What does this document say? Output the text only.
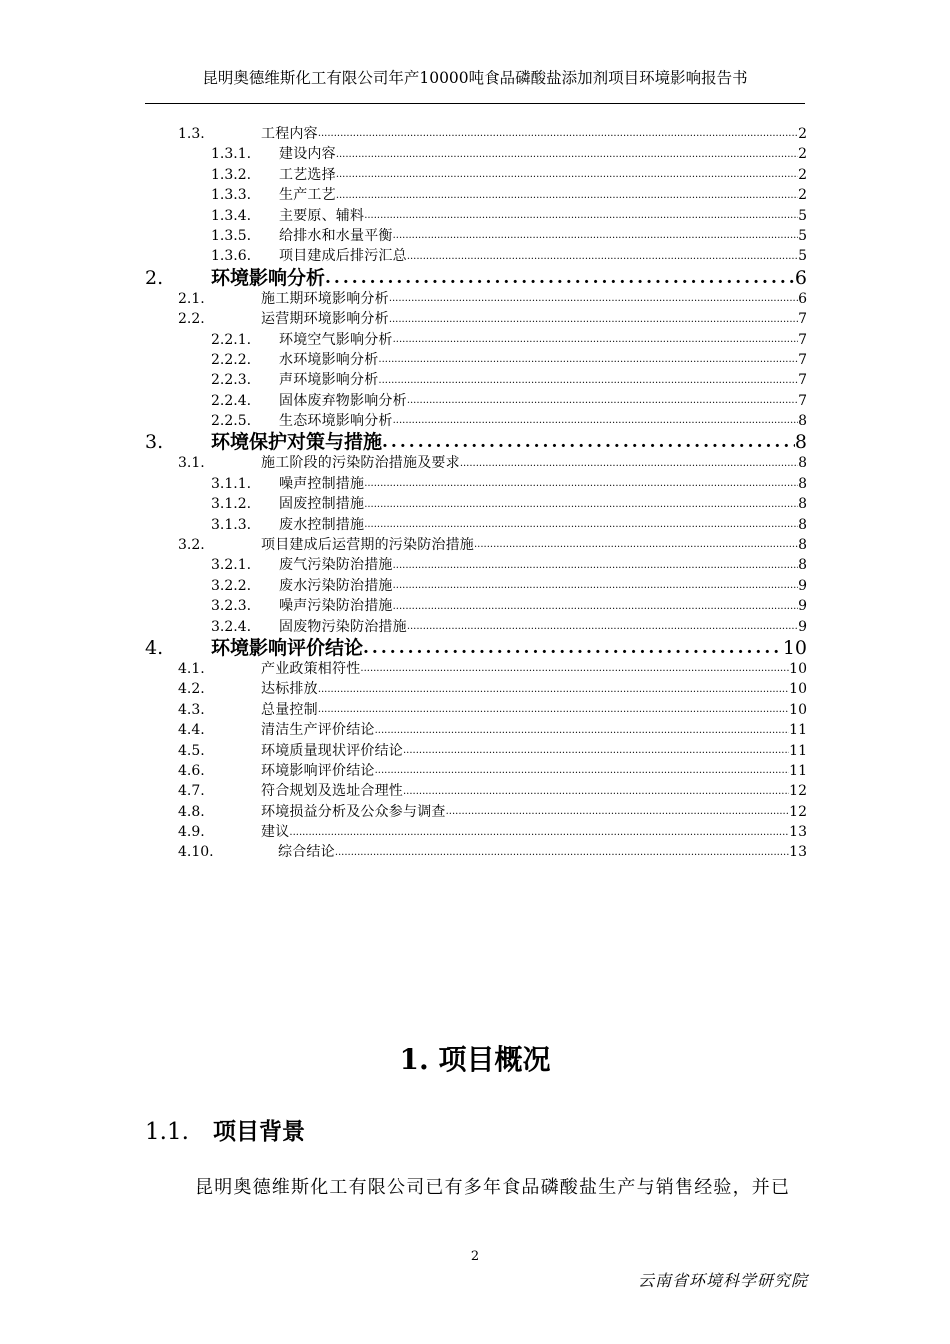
昆明奥德维斯化工有限公司年产10000吨食品磷酸盐添加剂项目环境影响报告书
1.3.	工程内容 .....	2
1.3.1.	建设内容 .....	2
1.3.2.	工艺选择 .....	2
1.3.3.	生产工艺 .....	2
1.3.4.	主要原、辅料 .....	5
1.3.5.	给排水和水量平衡 .....	5
1.3.6.	项目建成后排污汇总 .....	5
2.	环境影响分析 .....	6
2.1.	施工期环境影响分析 .....	6
2.2.	运营期环境影响分析 .....	7
2.2.1.	环境空气影响分析 .....	7
2.2.2.	水环境影响分析 .....	7
2.2.3.	声环境影响分析 .....	7
2.2.4.	固体废弃物影响分析 .....	7
2.2.5.	生态环境影响分析 .....	8
3.	环境保护对策与措施 .....	8
3.1.	施工阶段的污染防治措施及要求 .....	8
3.1.1.	噪声控制措施 .....	8
3.1.2.	固废控制措施 .....	8
3.1.3.	废水控制措施 .....	8
3.2.	项目建成后运营期的污染防治措施 .....	8
3.2.1.	废气污染防治措施 .....	8
3.2.2.	废水污染防治措施 .....	9
3.2.3.	噪声污染防治措施 .....	9
3.2.4.	固废物污染防治措施 .....	9
4.	环境影响评价结论 .....	10
4.1.	产业政策相符性 .....	10
4.2.	达标排放 .....	10
4.3.	总量控制 .....	10
4.4.	清洁生产评价结论 .....	11
4.5.	环境质量现状评价结论 .....	11
4.6.	环境影响评价结论 .....	11
4.7.	符合规划及选址合理性 .....	12
4.8.	环境损益分析及公众参与调查 .....	12
4.9.	建议 .....	13
4.10.	综合结论 .....	13
1. 项目概况
1.1. 项目背景
昆明奥德维斯化工有限公司已有多年食品磷酸盐生产与销售经验，并已
2
云南省环境科学研究院
